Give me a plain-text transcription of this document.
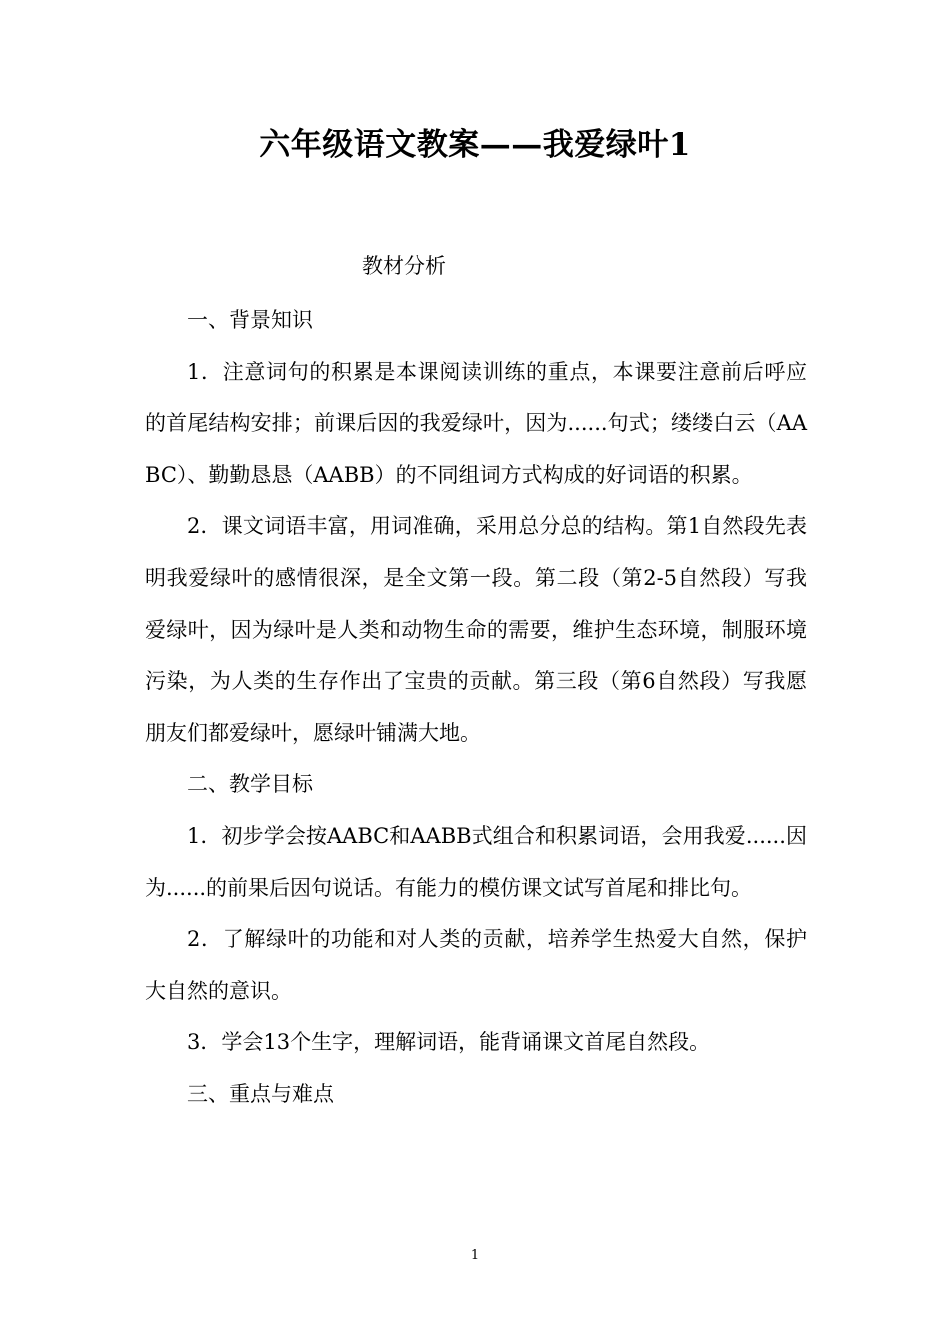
六年级语文教案——我爱绿叶1
教材分析

一、背景知识

1．注意词句的积累是本课阅读训练的重点，本课要注意前后呼应的首尾结构安排；前课后因的我爱绿叶，因为......句式；缕缕白云（AABC）、勤勤恳恳（AABB）的不同组词方式构成的好词语的积累。

2．课文词语丰富，用词准确，采用总分总的结构。第1自然段先表明我爱绿叶的感情很深，是全文第一段。第二段（第2-5自然段）写我爱绿叶，因为绿叶是人类和动物生命的需要，维护生态环境，制服环境污染，为人类的生存作出了宝贵的贡献。第三段（第6自然段）写我愿朋友们都爱绿叶，愿绿叶铺满大地。

二、教学目标

1．初步学会按AABC和AABB式组合和积累词语，会用我爱......因为......的前果后因句说话。有能力的模仿课文试写首尾和排比句。

2．了解绿叶的功能和对人类的贡献，培养学生热爱大自然，保护大自然的意识。

3．学会13个生字，理解词语，能背诵课文首尾自然段。

三、重点与难点

1
